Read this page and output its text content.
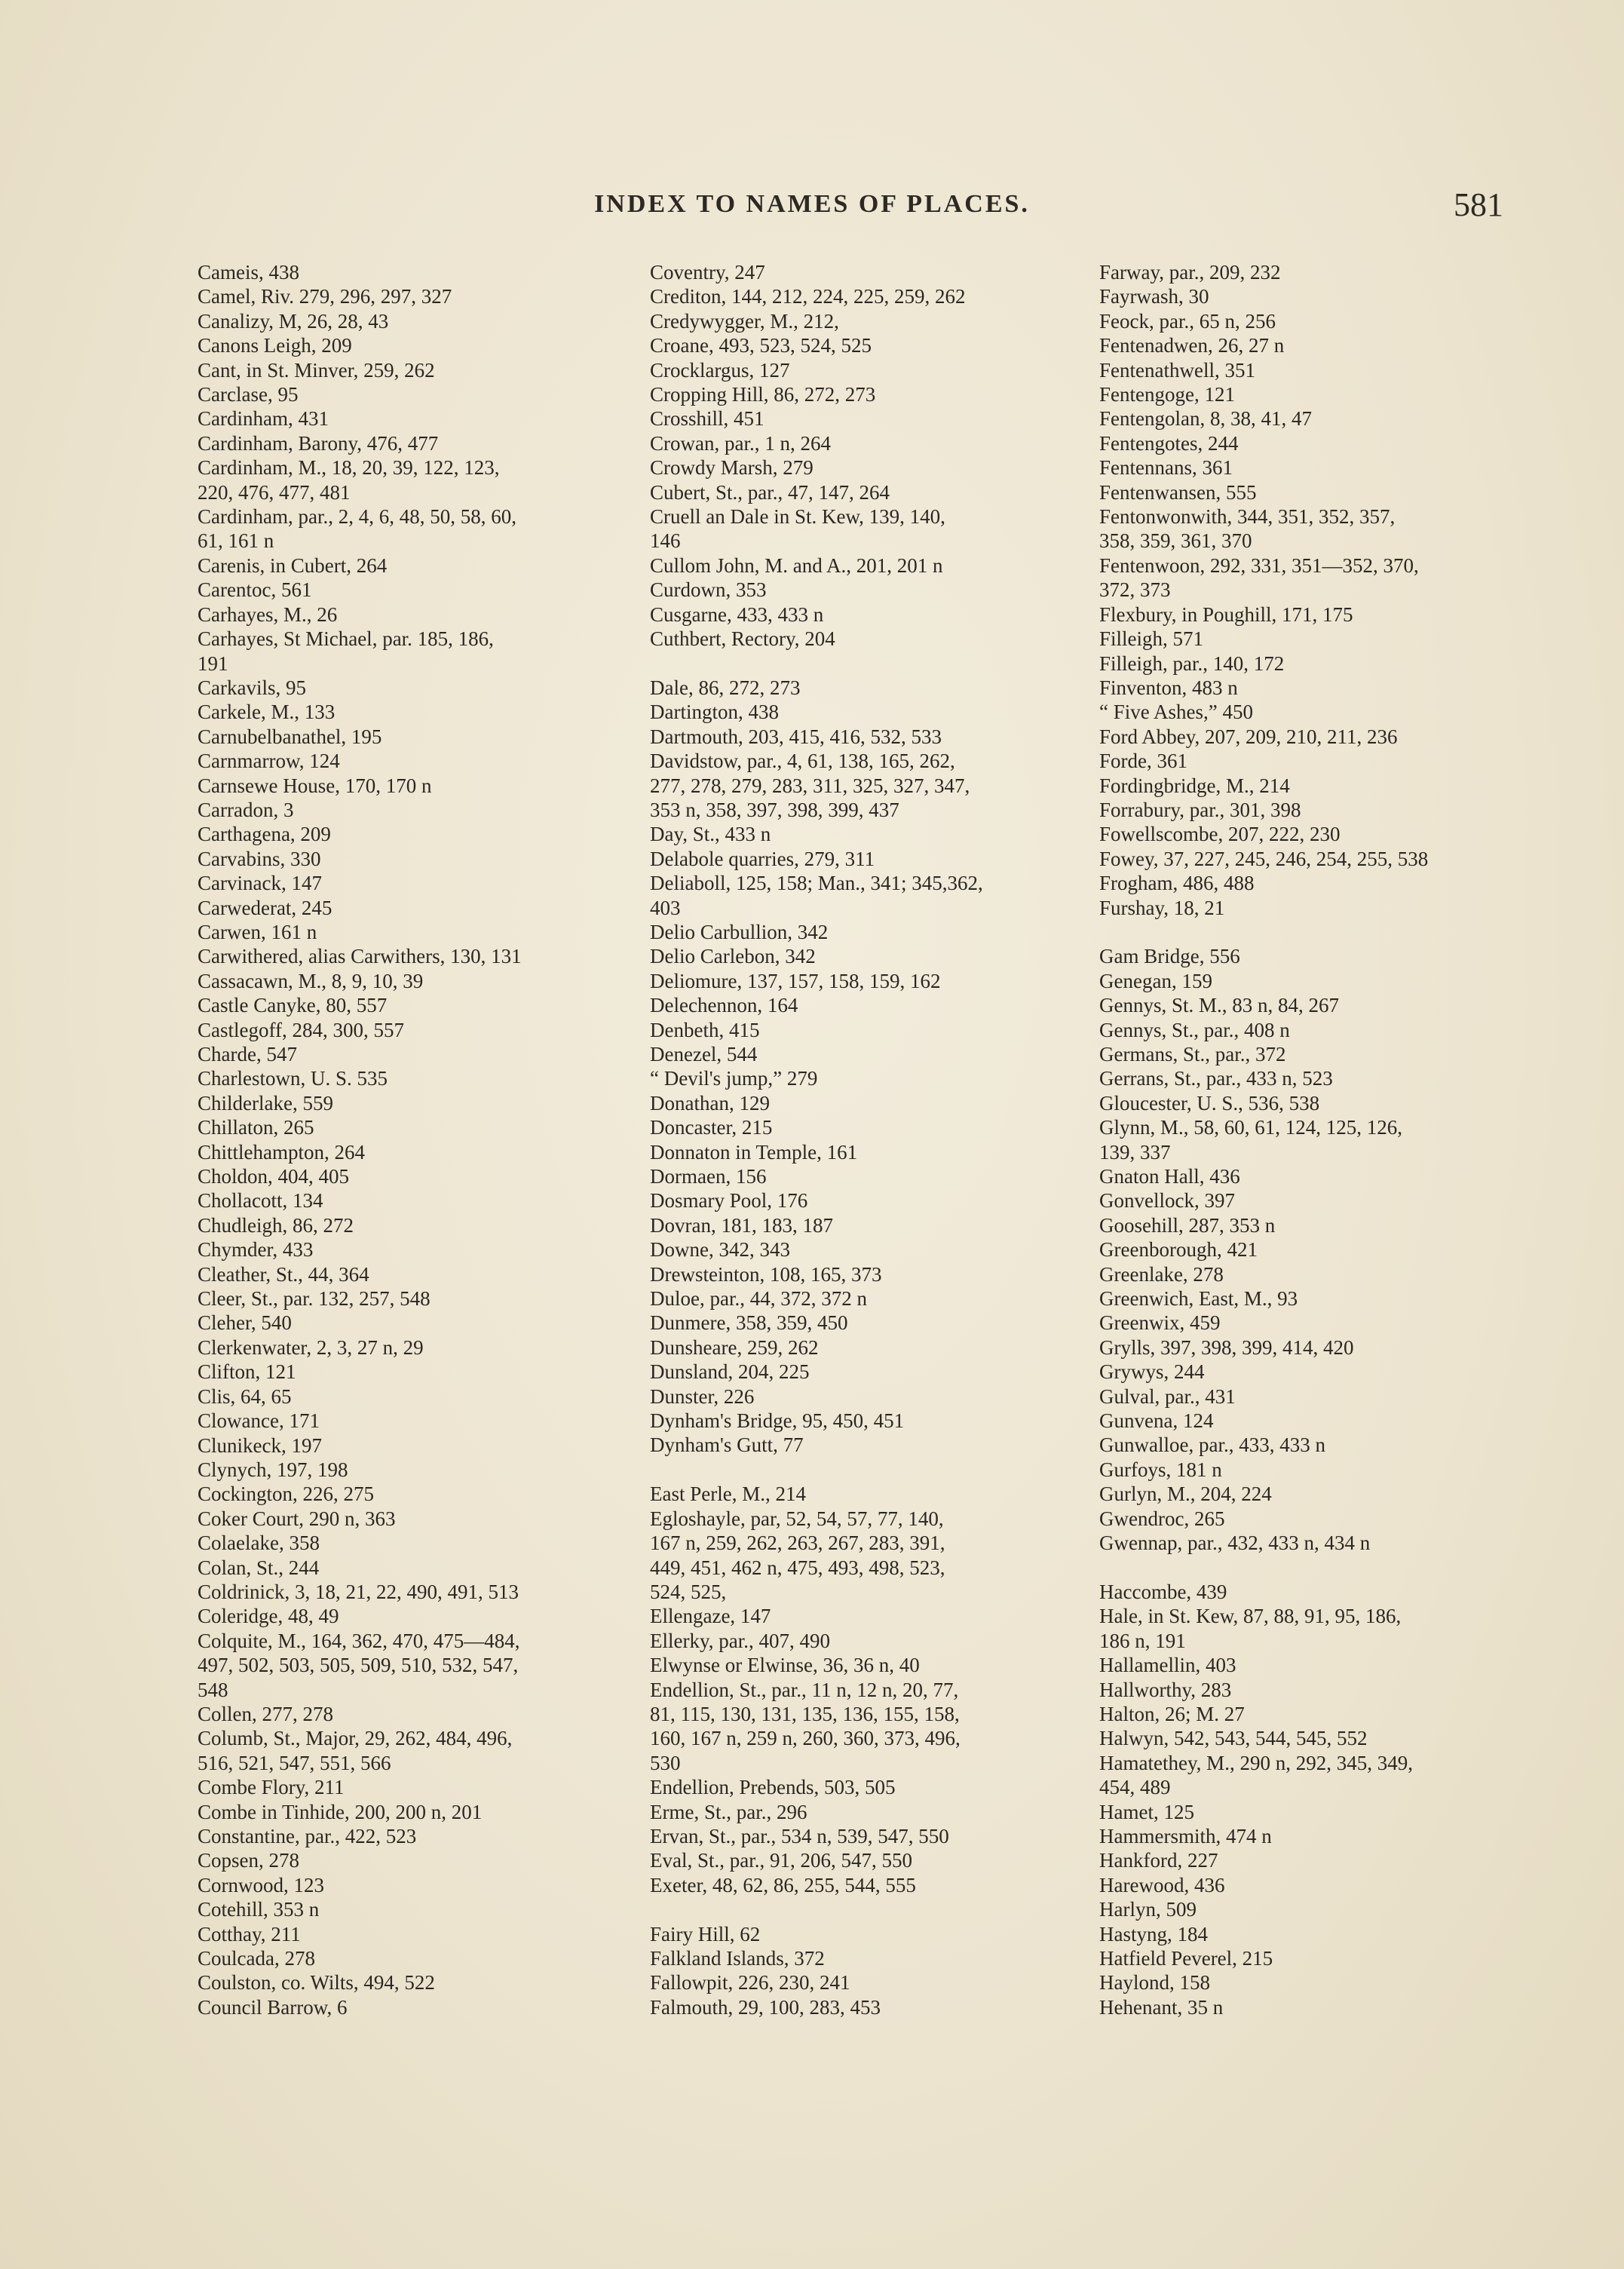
INDEX TO NAMES OF PLACES.	581
Cameis, 438
Camel, Riv. 279, 296, 297, 327
Canalizy, M, 26, 28, 43
Canons Leigh, 209
Cant, in St. Minver, 259, 262
Carclase, 95
Cardinham, 431
Cardinham, Barony, 476, 477
Cardinham, M., 18, 20, 39, 122, 123,
220, 476, 477, 481
Cardinham, par., 2, 4, 6, 48, 50, 58, 60,
61, 161 n
Carenis, in Cubert, 264
Carentoc, 561
Carhayes, M., 26
Carhayes, St Michael, par. 185, 186,
191
Carkavils, 95
Carkele, M., 133
Carnubelbanathel, 195
Carnmarrow, 124
Carnsewe House, 170, 170 n
Carradon, 3
Carthagena, 209
Carvabins, 330
Carvinack, 147
Carwederat, 245
Carwen, 161 n
Carwithered, alias Carwithers, 130, 131
Cassacawn, M., 8, 9, 10, 39
Castle Canyke, 80, 557
Castlegoff, 284, 300, 557
Charde, 547
Charlestown, U. S. 535
Childerlake, 559
Chillaton, 265
Chittlehampton, 264
Choldon, 404, 405
Chollacott, 134
Chudleigh, 86, 272
Chymder, 433
Cleather, St., 44, 364
Cleer, St., par. 132, 257, 548
Cleher, 540
Clerkenwater, 2, 3, 27 n, 29
Clifton, 121
Clis, 64, 65
Clowance, 171
Clunikeck, 197
Clynych, 197, 198
Cockington, 226, 275
Coker Court, 290 n, 363
Colaelake, 358
Colan, St., 244
Coldrinick, 3, 18, 21, 22, 490, 491, 513
Coleridge, 48, 49
Colquite, M., 164, 362, 470, 475—484,
497, 502, 503, 505, 509, 510, 532, 547,
548
Collen, 277, 278
Columb, St., Major, 29, 262, 484, 496,
516, 521, 547, 551, 566
Combe Flory, 211
Combe in Tinhide, 200, 200 n, 201
Constantine, par., 422, 523
Copsen, 278
Cornwood, 123
Cotehill, 353 n
Cotthay, 211
Coulcada, 278
Coulston, co. Wilts, 494, 522
Council Barrow, 6
Coventry, 247
Crediton, 144, 212, 224, 225, 259, 262
Credywygger, M., 212,
Croane, 493, 523, 524, 525
Crocklargus, 127
Cropping Hill, 86, 272, 273
Crosshill, 451
Crowan, par., 1 n, 264
Crowdy Marsh, 279
Cubert, St., par., 47, 147, 264
Cruell an Dale in St. Kew, 139, 140,
146
Cullom John, M. and A., 201, 201 n
Curdown, 353
Cusgarne, 433, 433 n
Cuthbert, Rectory, 204
Dale, 86, 272, 273
Dartington, 438
Dartmouth, 203, 415, 416, 532, 533
Davidstow, par., 4, 61, 138, 165, 262,
277, 278, 279, 283, 311, 325, 327, 347,
353 n, 358, 397, 398, 399, 437
Day, St., 433 n
Delabole quarries, 279, 311
Deliaboll, 125, 158; Man., 341; 345,362,
403
Delio Carbullion, 342
Delio Carlebon, 342
Deliomure, 137, 157, 158, 159, 162
Delechennon, 164
Denbeth, 415
Denezel, 544
“ Devil's jump,” 279
Donathan, 129
Doncaster, 215
Donnaton in Temple, 161
Dormaen, 156
Dosmary Pool, 176
Dovran, 181, 183, 187
Downe, 342, 343
Drewsteinton, 108, 165, 373
Duloe, par., 44, 372, 372 n
Dunmere, 358, 359, 450
Dunsheare, 259, 262
Dunsland, 204, 225
Dunster, 226
Dynham's Bridge, 95, 450, 451
Dynham's Gutt, 77
East Perle, M., 214
Egloshayle, par, 52, 54, 57, 77, 140,
167 n, 259, 262, 263, 267, 283, 391,
449, 451, 462 n, 475, 493, 498, 523,
524, 525,
Ellengaze, 147
Ellerky, par., 407, 490
Elwynse or Elwinse, 36, 36 n, 40
Endellion, St., par., 11 n, 12 n, 20, 77,
81, 115, 130, 131, 135, 136, 155, 158,
160, 167 n, 259 n, 260, 360, 373, 496,
530
Endellion, Prebends, 503, 505
Erme, St., par., 296
Ervan, St., par., 534 n, 539, 547, 550
Eval, St., par., 91, 206, 547, 550
Exeter, 48, 62, 86, 255, 544, 555
Fairy Hill, 62
Falkland Islands, 372
Fallowpit, 226, 230, 241
Falmouth, 29, 100, 283, 453
Farway, par., 209, 232
Fayrwash, 30
Feock, par., 65 n, 256
Fentenadwen, 26, 27 n
Fentenathwell, 351
Fentengoge, 121
Fentengolan, 8, 38, 41, 47
Fentengotes, 244
Fentennans, 361
Fentenwansen, 555
Fentonwonwith, 344, 351, 352, 357,
358, 359, 361, 370
Fentenwoon, 292, 331, 351—352, 370,
372, 373
Flexbury, in Poughill, 171, 175
Filleigh, 571
Filleigh, par., 140, 172
Finventon, 483 n
“ Five Ashes,” 450
Ford Abbey, 207, 209, 210, 211, 236
Forde, 361
Fordingbridge, M., 214
Forrabury, par., 301, 398
Fowellscombe, 207, 222, 230
Fowey, 37, 227, 245, 246, 254, 255, 538
Frogham, 486, 488
Furshay, 18, 21
Gam Bridge, 556
Genegan, 159
Gennys, St. M., 83 n, 84, 267
Gennys, St., par., 408 n
Germans, St., par., 372
Gerrans, St., par., 433 n, 523
Gloucester, U. S., 536, 538
Glynn, M., 58, 60, 61, 124, 125, 126,
139, 337
Gnaton Hall, 436
Gonvellock, 397
Goosehill, 287, 353 n
Greenborough, 421
Greenlake, 278
Greenwich, East, M., 93
Greenwix, 459
Grylls, 397, 398, 399, 414, 420
Grywys, 244
Gulval, par., 431
Gunvena, 124
Gunwalloe, par., 433, 433 n
Gurfoys, 181 n
Gurlyn, M., 204, 224
Gwendroc, 265
Gwennap, par., 432, 433 n, 434 n
Haccombe, 439
Hale, in St. Kew, 87, 88, 91, 95, 186,
186 n, 191
Hallamellin, 403
Hallworthy, 283
Halton, 26; M. 27
Halwyn, 542, 543, 544, 545, 552
Hamatethey, M., 290 n, 292, 345, 349,
454, 489
Hamet, 125
Hammersmith, 474 n
Hankford, 227
Harewood, 436
Harlyn, 509
Hastyng, 184
Hatfield Peverel, 215
Haylond, 158
Hehenant, 35 n
